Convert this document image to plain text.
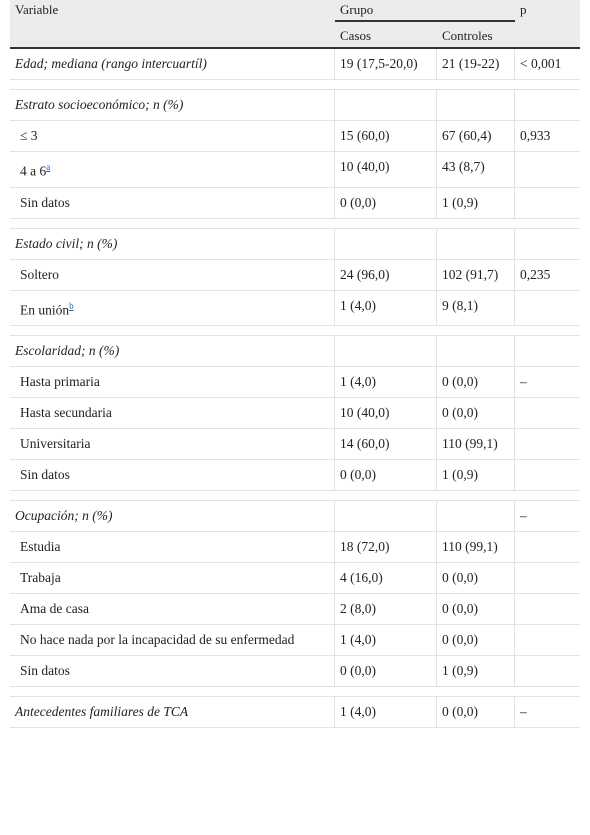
Variable	Grupo		p
	Casos	Controles	
Edad; mediana (rango intercuartíl)	19 (17,5-20,0)	21 (19-22)	< 0,001

Estrato socioeconómico; n (%)			
≤ 3	15 (60,0)	67 (60,4)	0,933
4 a 6$^a$	10 (40,0)	43 (8,7)	
Sin datos	0 (0,0)	1 (0,9)	

Estado civil; n (%)			
Soltero	24 (96,0)	102 (91,7)	0,235
En unión$^b$	1 (4,0)	9 (8,1)	

Escolaridad; n (%)			
Hasta primaria	1 (4,0)	0 (0,0)	–
Hasta secundaria	10 (40,0)	0 (0,0)	
Universitaria	14 (60,0)	110 (99,1)	
Sin datos	0 (0,0)	1 (0,9)	

Ocupación; n (%)			–
Estudia	18 (72,0)	110 (99,1)	
Trabaja	4 (16,0)	0 (0,0)	
Ama de casa	2 (8,0)	0 (0,0)	
No hace nada por la incapacidad de su enfermedad	1 (4,0)	0 (0,0)	
Sin datos	0 (0,0)	1 (0,9)	

Antecedentes familiares de TCA	1 (4,0)	0 (0,0)	–
